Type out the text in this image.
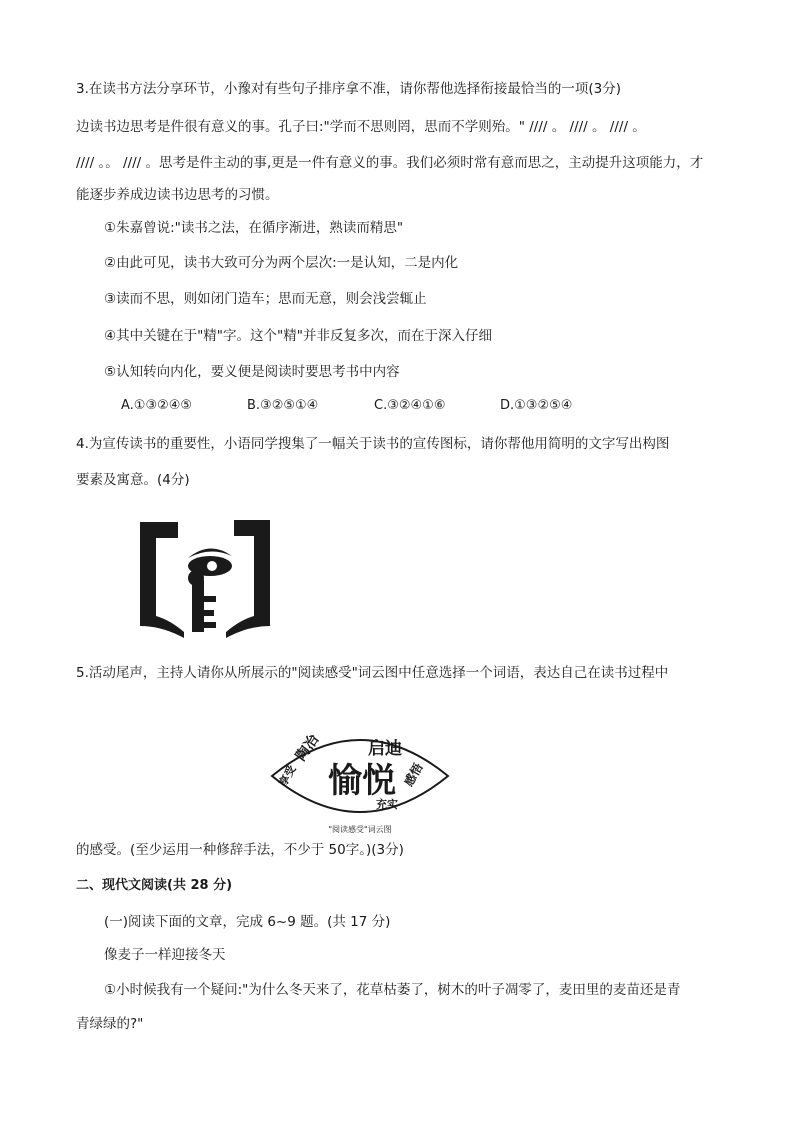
3.在读书方法分享环节，小豫对有些句子排序拿不准，请你帮他选择衔接最恰当的一项(3分)
边读书边思考是件很有意义的事。孔子曰:"学而不思则罔，思而不学则殆。" //// 。 //// 。 //// 。
//// 。。 //// 。思考是件主动的事,更是一件有意义的事。我们必须时常有意而思之，主动提升这项能力，才
能逐步养成边读书边思考的习惯。
①朱嘉曾说:"读书之法，在循序渐进，熟读而精思"
②由此可见，读书大致可分为两个层次:一是认知，二是内化
③读而不思，则如闭门造车；思而无意，则会浅尝辄止
④其中关键在于"精"字。这个"精"并非反复多次，而在于深入仔细
⑤认知转向内化，要义便是阅读时要思考书中内容
A.①③②④⑤	B.③②⑤①④	C.③②④①⑥	D.①③②⑤④
4.为宣传读书的重要性，小语同学搜集了一幅关于读书的宣传图标，请你帮他用简明的文字写出构图
要素及寓意。(4分)
5.活动尾声，主持人请你从所展示的"阅读感受"词云图中任意选择一个词语，表达自己在读书过程中
愉悦
启迪
陶冶
享受	感悟
充实
"阅读感受"词云图
的感受。(至少运用一种修辞手法，不少于 50字。)(3分)
二、现代文阅读(共 28 分)
(一)阅读下面的文章，完成 6~9 题。(共 17 分)
像麦子一样迎接冬天
①小时候我有一个疑问:"为什么冬天来了，花草枯萎了，树木的叶子凋零了，麦田里的麦苗还是青
青绿绿的?"
